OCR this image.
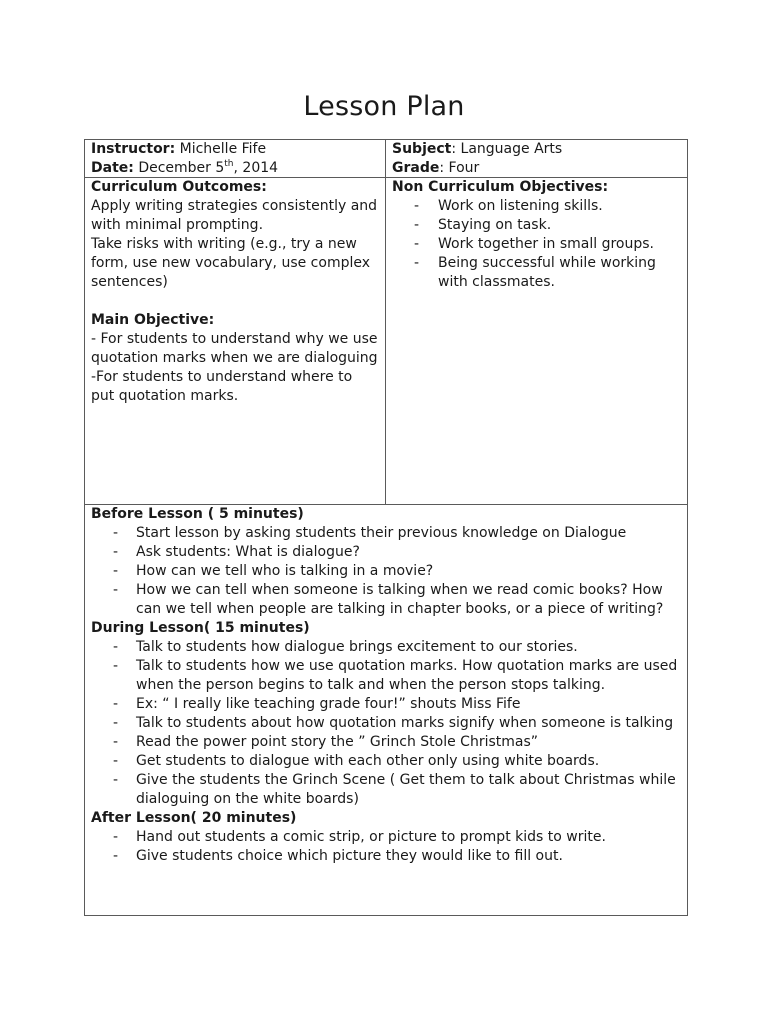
Lesson Plan
Instructor: Michelle Fife
Date: December 5th, 2014
Subject: Language Arts
Grade: Four
Curriculum Outcomes:
Apply writing strategies consistently and with minimal prompting.
Take risks with writing (e.g., try a new form, use new vocabulary, use complex sentences)
Main Objective:
- For students to understand why we use quotation marks when we are dialoguing
-For students to understand where to put quotation marks.
Non Curriculum Objectives:
- Work on listening skills.
- Staying on task.
- Work together in small groups.
- Being successful while working with classmates.
Before Lesson ( 5 minutes)
- Start lesson by asking students their previous knowledge on Dialogue
- Ask students: What is dialogue?
- How can we tell who is talking in a movie?
- How we can tell when someone is talking when we read comic books? How can we tell when people are talking in chapter books, or a piece of writing?
During Lesson( 15 minutes)
- Talk to students how dialogue brings excitement to our stories.
- Talk to students how we use quotation marks. How quotation marks are used when the person begins to talk and when the person stops talking.
- Ex: “ I really like teaching grade four!” shouts Miss Fife
- Talk to students about how quotation marks signify when someone is talking
- Read the power point story the ” Grinch Stole Christmas”
- Get students to dialogue with each other only using white boards.
- Give the students the Grinch Scene ( Get them to talk about Christmas while dialoguing on the white boards)
After Lesson( 20 minutes)
- Hand out students a comic strip, or picture to prompt kids to write.
- Give students choice which picture they would like to fill out.
